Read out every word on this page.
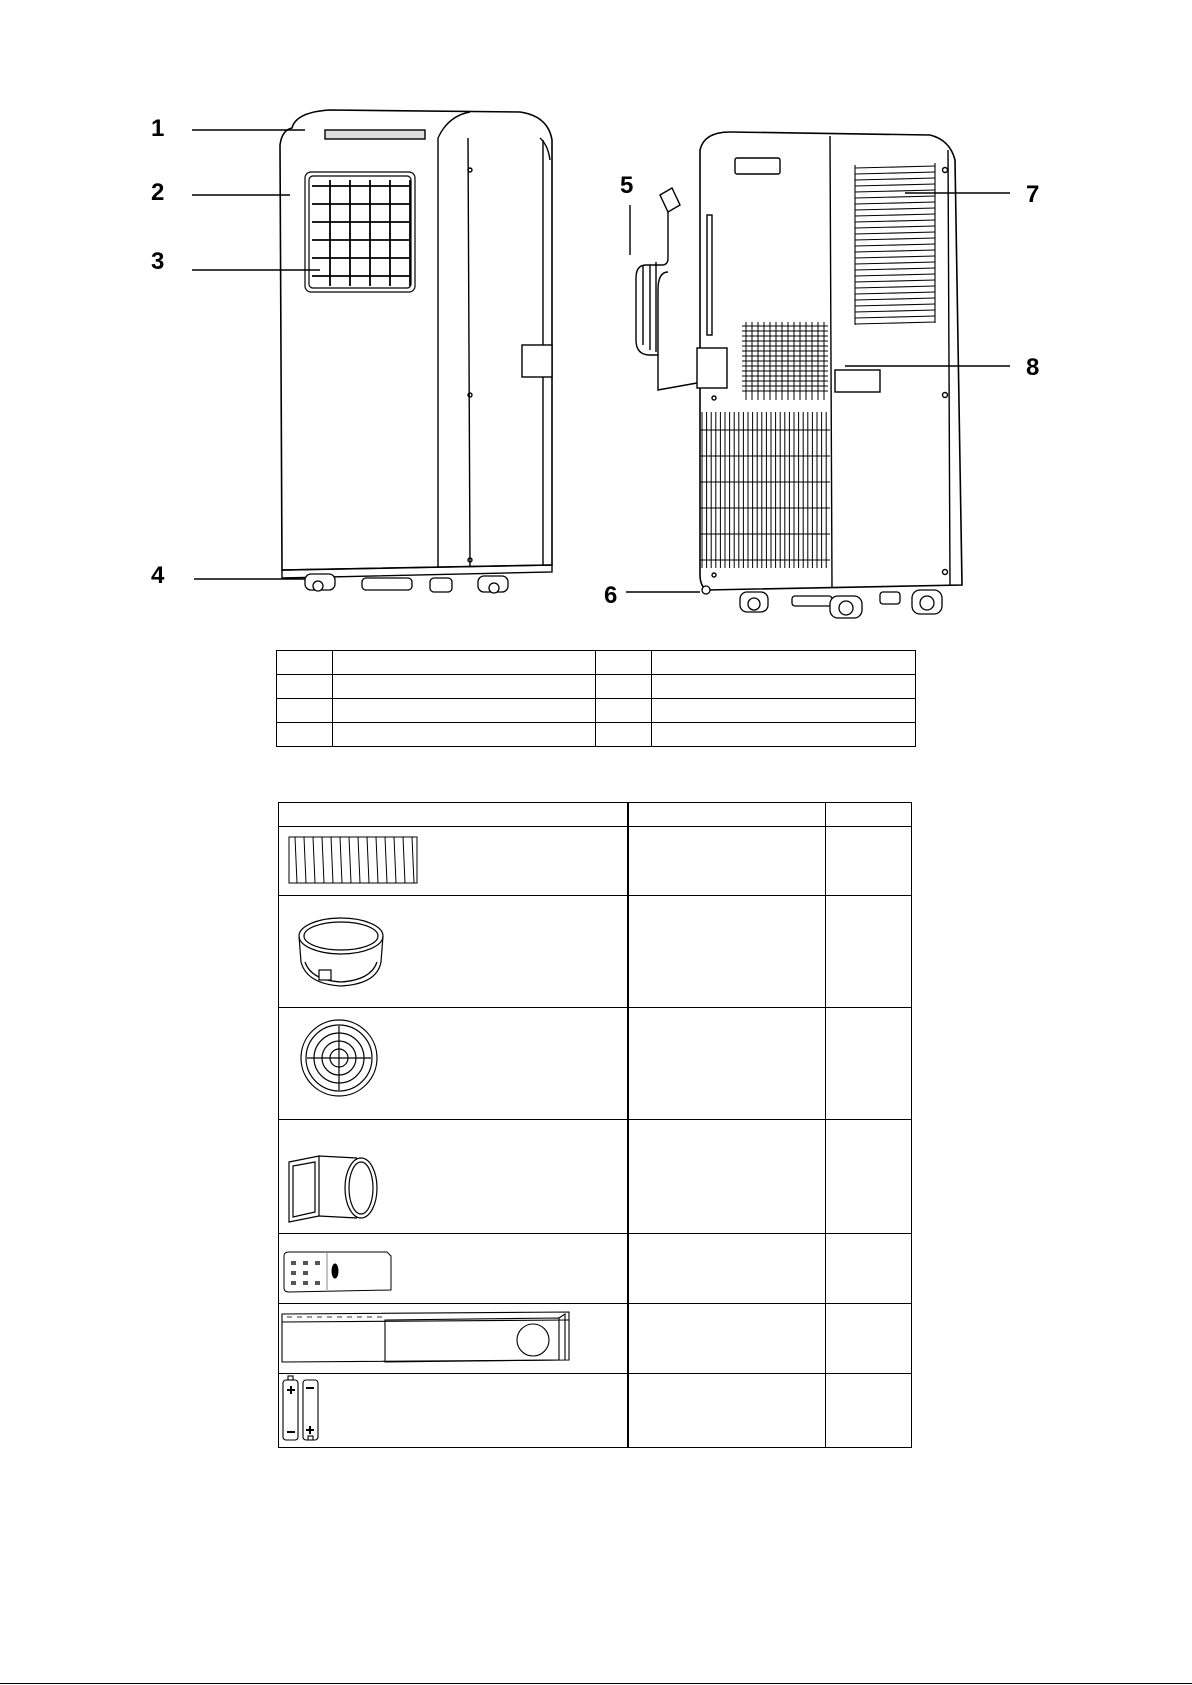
1
2
3
4
5
6
7
8
